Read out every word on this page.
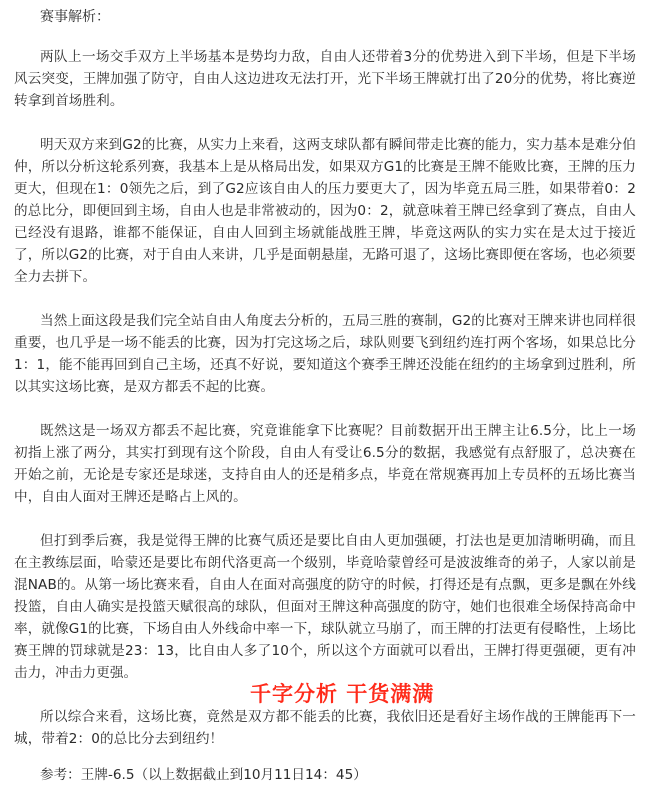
赛事解析：

两队上一场交手双方上半场基本是势均力敌，自由人还带着3分的优势进入到下半场，但是下半场风云突变，王牌加强了防守，自由人这边进攻无法打开，光下半场王牌就打出了20分的优势，将比赛逆转拿到首场胜利。

明天双方来到G2的比赛，从实力上来看，这两支球队都有瞬间带走比赛的能力，实力基本是难分伯仲，所以分析这轮系列赛，我基本上是从格局出发，如果双方G1的比赛是王牌不能败比赛，王牌的压力更大，但现在1：0领先之后，到了G2应该自由人的压力要更大了，因为毕竟五局三胜，如果带着0：2的总比分，即便回到主场，自由人也是非常被动的，因为0：2，就意味着王牌已经拿到了赛点，自由人已经没有退路，谁都不能保证，自由人回到主场就能战胜王牌，毕竟这两队的实力实在是太过于接近了，所以G2的比赛，对于自由人来讲，几乎是面朝悬崖，无路可退了，这场比赛即便在客场，也必须要全力去拼下。

当然上面这段是我们完全站自由人角度去分析的，五局三胜的赛制，G2的比赛对王牌来讲也同样很重要，也几乎是一场不能丢的比赛，因为打完这场之后，球队则要飞到纽约连打两个客场，如果总比分1：1，能不能再回到自己主场，还真不好说，要知道这个赛季王牌还没能在纽约的主场拿到过胜利，所以其实这场比赛，是双方都丢不起的比赛。

既然这是一场双方都丢不起比赛，究竟谁能拿下比赛呢？目前数据开出王牌主让6.5分，比上一场初指上涨了两分，其实打到现有这个阶段，自由人有受让6.5分的数据，我感觉有点舒服了，总决赛在开始之前，无论是专家还是球迷，支持自由人的还是稍多点，毕竟在常规赛再加上专员杯的五场比赛当中，自由人面对王牌还是略占上风的。

但打到季后赛，我是觉得王牌的比赛气质还是要比自由人更加强硬，打法也是更加清晰明确，而且在主教练层面，哈蒙还是要比布朗代洛更高一个级别，毕竟哈蒙曾经可是波波维奇的弟子，人家以前是混NAB的。从第一场比赛来看，自由人在面对高强度的防守的时候，打得还是有点飘，更多是飘在外线投篮，自由人确实是投篮天赋很高的球队，但面对王牌这种高强度的防守，她们也很难全场保持高命中率，就像G1的比赛，下场自由人外线命中率一下，球队就立马崩了，而王牌的打法更有侵略性，上场比赛王牌的罚球就是23：13，比自由人多了10个，所以这个方面就可以看出，王牌打得更强硬，更有冲击力，冲击力更强。

所以综合来看，这场比赛，竟然是双方都不能丢的比赛，我依旧还是看好主场作战的王牌能再下一城，带着2：0的总比分去到纽约！

参考：王牌-6.5（以上数据截止到10月11日14：45）
千字分析 干货满满
